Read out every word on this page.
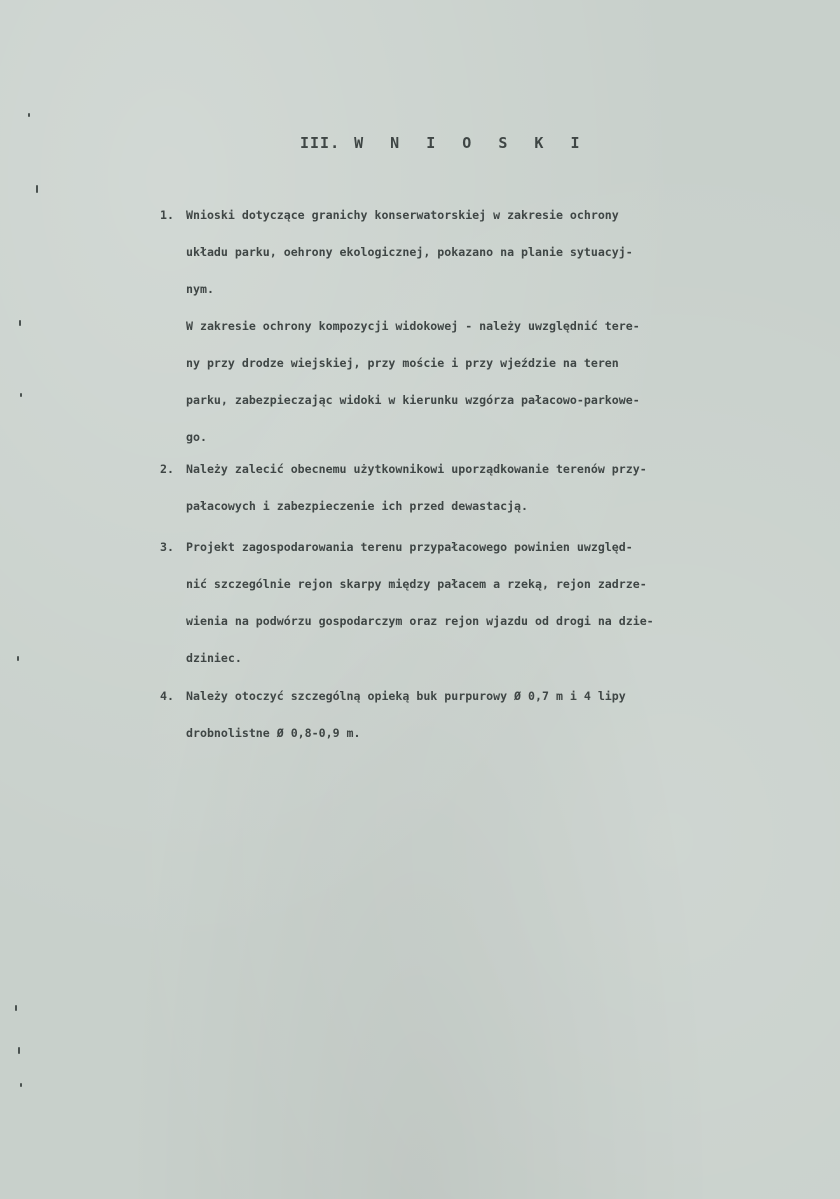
III. W N I O S K I
1.	Wnioski dotyczące granichy konserwatorskiej w zakresie ochrony
układu parku, oehrony ekologicznej, pokazano na planie sytuacyj-
nym.
W zakresie ochrony kompozycji widokowej - należy uwzględnić tere-
ny przy drodze wiejskiej, przy moście i przy wjeździe na teren
parku, zabezpieczając widoki w kierunku wzgórza pałacowo-parkowe-
go.
2.	Należy zalecić obecnemu użytkownikowi uporządkowanie terenów przy-
pałacowych i zabezpieczenie ich przed dewastacją.
3.	Projekt zagospodarowania terenu przypałacowego powinien uwzględ-
nić szczególnie rejon skarpy między pałacem a rzeką, rejon zadrze-
wienia na podwórzu gospodarczym oraz rejon wjazdu od drogi na dzie-
dziniec.
4.	Należy otoczyć szczególną opieką buk purpurowy Ø 0,7 m i 4 lipy
drobnolistne Ø 0,8-0,9 m.
